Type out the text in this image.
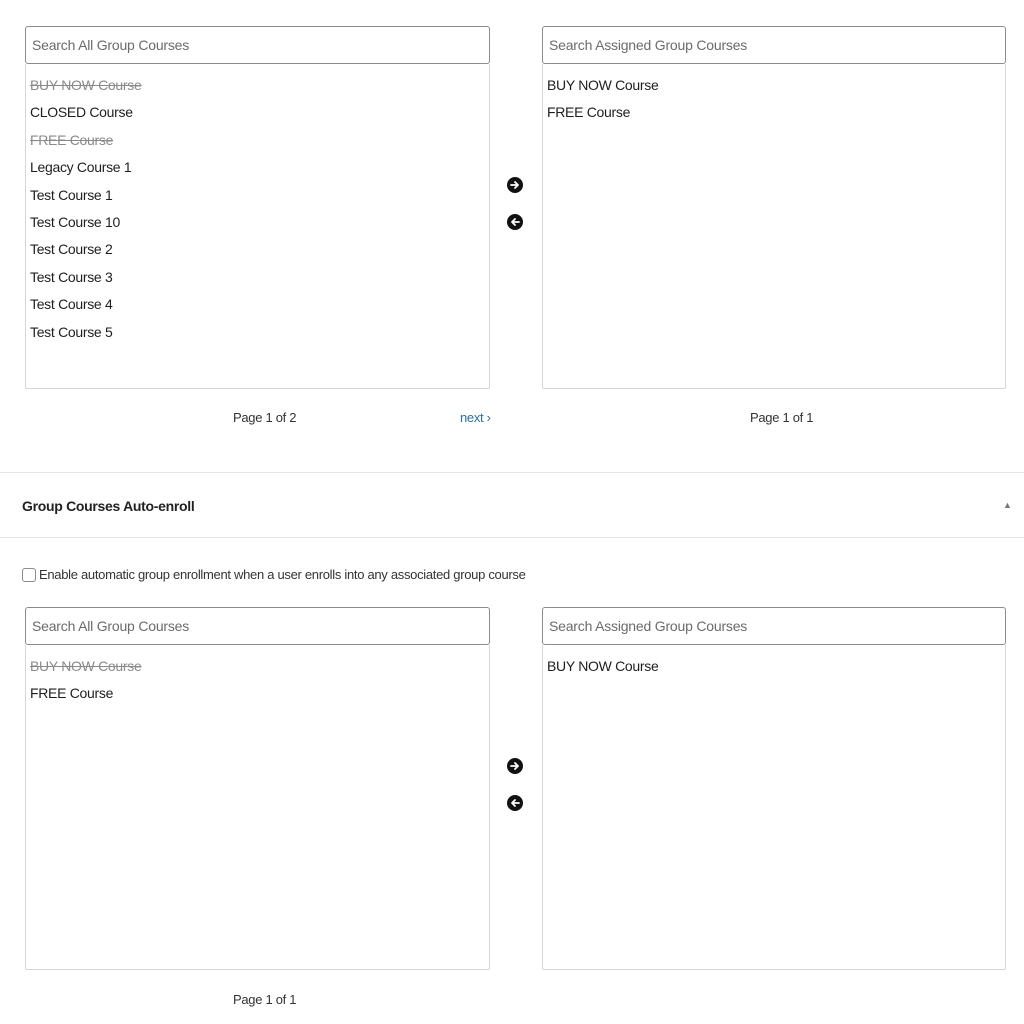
Search All Group Courses
BUY NOW Course
CLOSED Course
FREE Course
Legacy Course 1
Test Course 1
Test Course 10
Test Course 2
Test Course 3
Test Course 4
Test Course 5
Search Assigned Group Courses
BUY NOW Course
FREE Course
Page 1 of 2	next ›	Page 1 of 1
Group Courses Auto-enroll	▲
Enable automatic group enrollment when a user enrolls into any associated group course
Search All Group Courses
BUY NOW Course
FREE Course
Search Assigned Group Courses
BUY NOW Course
Page 1 of 1
